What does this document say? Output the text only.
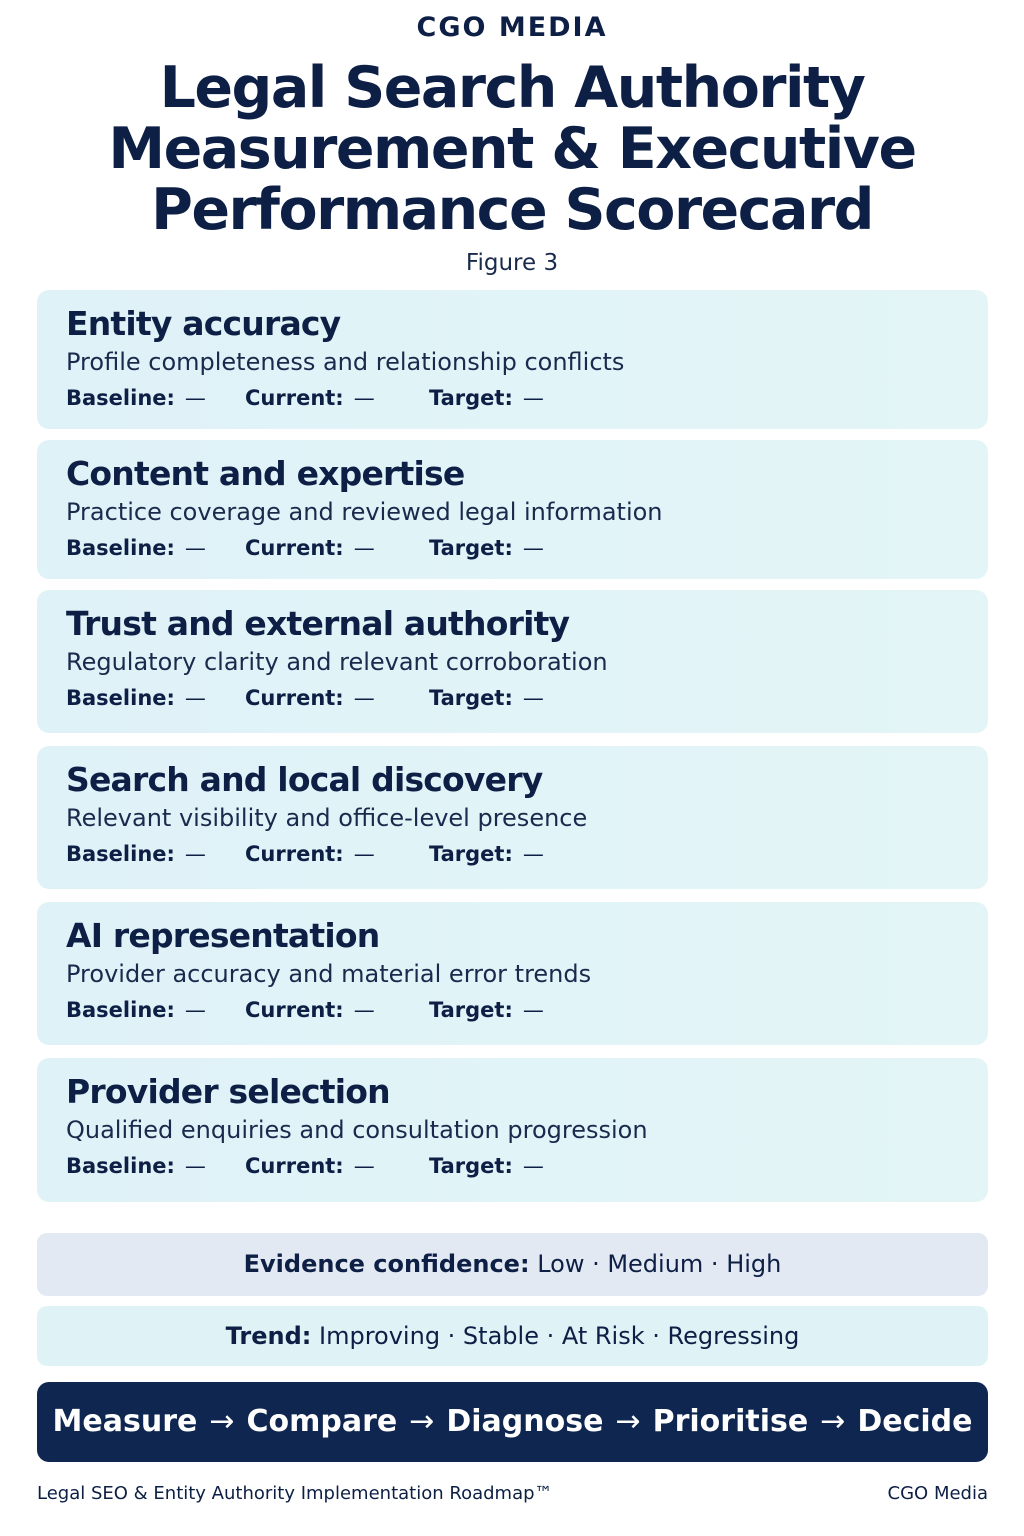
CGO MEDIA
Legal Search Authority Measurement & Executive Performance Scorecard
Figure 3
Entity accuracy
Profile completeness and relationship conflicts
Baseline: — Current: —	Target: —
Content and expertise
Practice coverage and reviewed legal information
Baseline: — Current: —	Target: —
Trust and external authority
Regulatory clarity and relevant corroboration
Baseline: — Current: —	Target: —
Search and local discovery
Relevant visibility and office-level presence
Baseline: — Current: —	Target: —
AI representation
Provider accuracy and material error trends
Baseline: — Current: —	Target: —
Provider selection
Qualified enquiries and consultation progression
Baseline: — Current: —	Target: —
Evidence confidence: Low · Medium · High
Trend: Improving · Stable · At Risk · Regressing
Measure → Compare → Diagnose → Prioritise → Decide
Legal SEO & Entity Authority Implementation Roadmap™	CGO Media
